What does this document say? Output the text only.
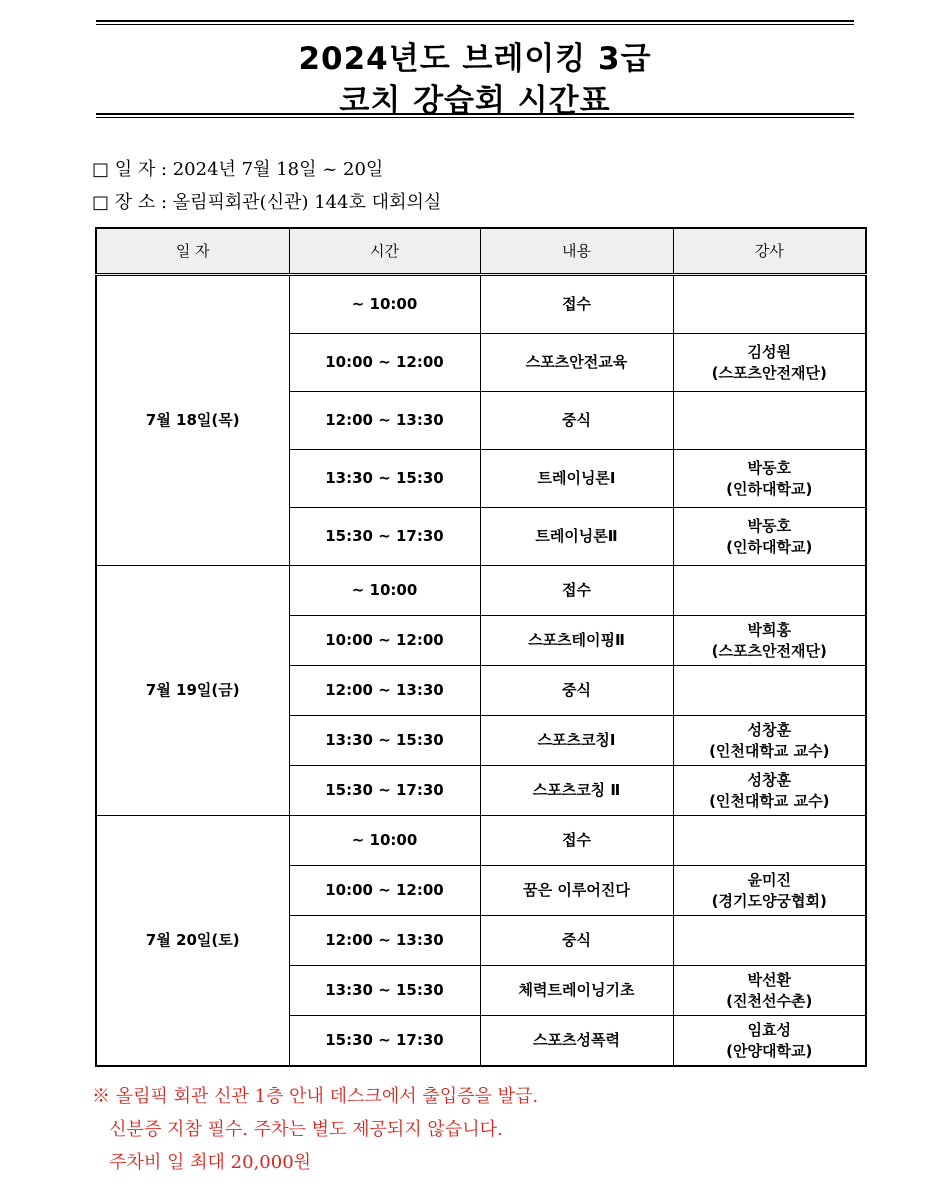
2024년도 브레이킹 3급
코치 강습회 시간표
□ 일 자 : 2024년 7월 18일 ~ 20일
□ 장 소 : 올림픽회관(신관) 144호 대회의실
일 자	시간	내용	강사
7월 18일(목)	~ 10:00	접수	

	10:00 ~ 12:00	스포츠안전교육	김성원
(스포츠안전재단)

	12:00 ~ 13:30	중식	

	13:30 ~ 15:30	트레이닝론Ⅰ	박동호
(인하대학교)

	15:30 ~ 17:30	트레이닝론Ⅱ	박동호
(인하대학교)

7월 19일(금)	~ 10:00	접수	

	10:00 ~ 12:00	스포츠테이핑Ⅱ	박희홍
(스포츠안전재단)

	12:00 ~ 13:30	중식	

	13:30 ~ 15:30	스포츠코칭Ⅰ	성창훈
(인천대학교 교수)

	15:30 ~ 17:30	스포츠코칭 Ⅱ	성창훈
(인천대학교 교수)

7월 20일(토)	~ 10:00	접수	

	10:00 ~ 12:00	꿈은 이루어진다	윤미진
(경기도양궁협회)

	12:00 ~ 13:30	중식	

	13:30 ~ 15:30	체력트레이닝기초	박선환
(진천선수촌)

	15:30 ~ 17:30	스포츠성폭력	임효성
(안양대학교)
※ 올림픽 회관 신관 1층 안내 데스크에서 출입증을 발급.
신분증 지참 필수. 주차는 별도 제공되지 않습니다.
주차비 일 최대 20,000원
